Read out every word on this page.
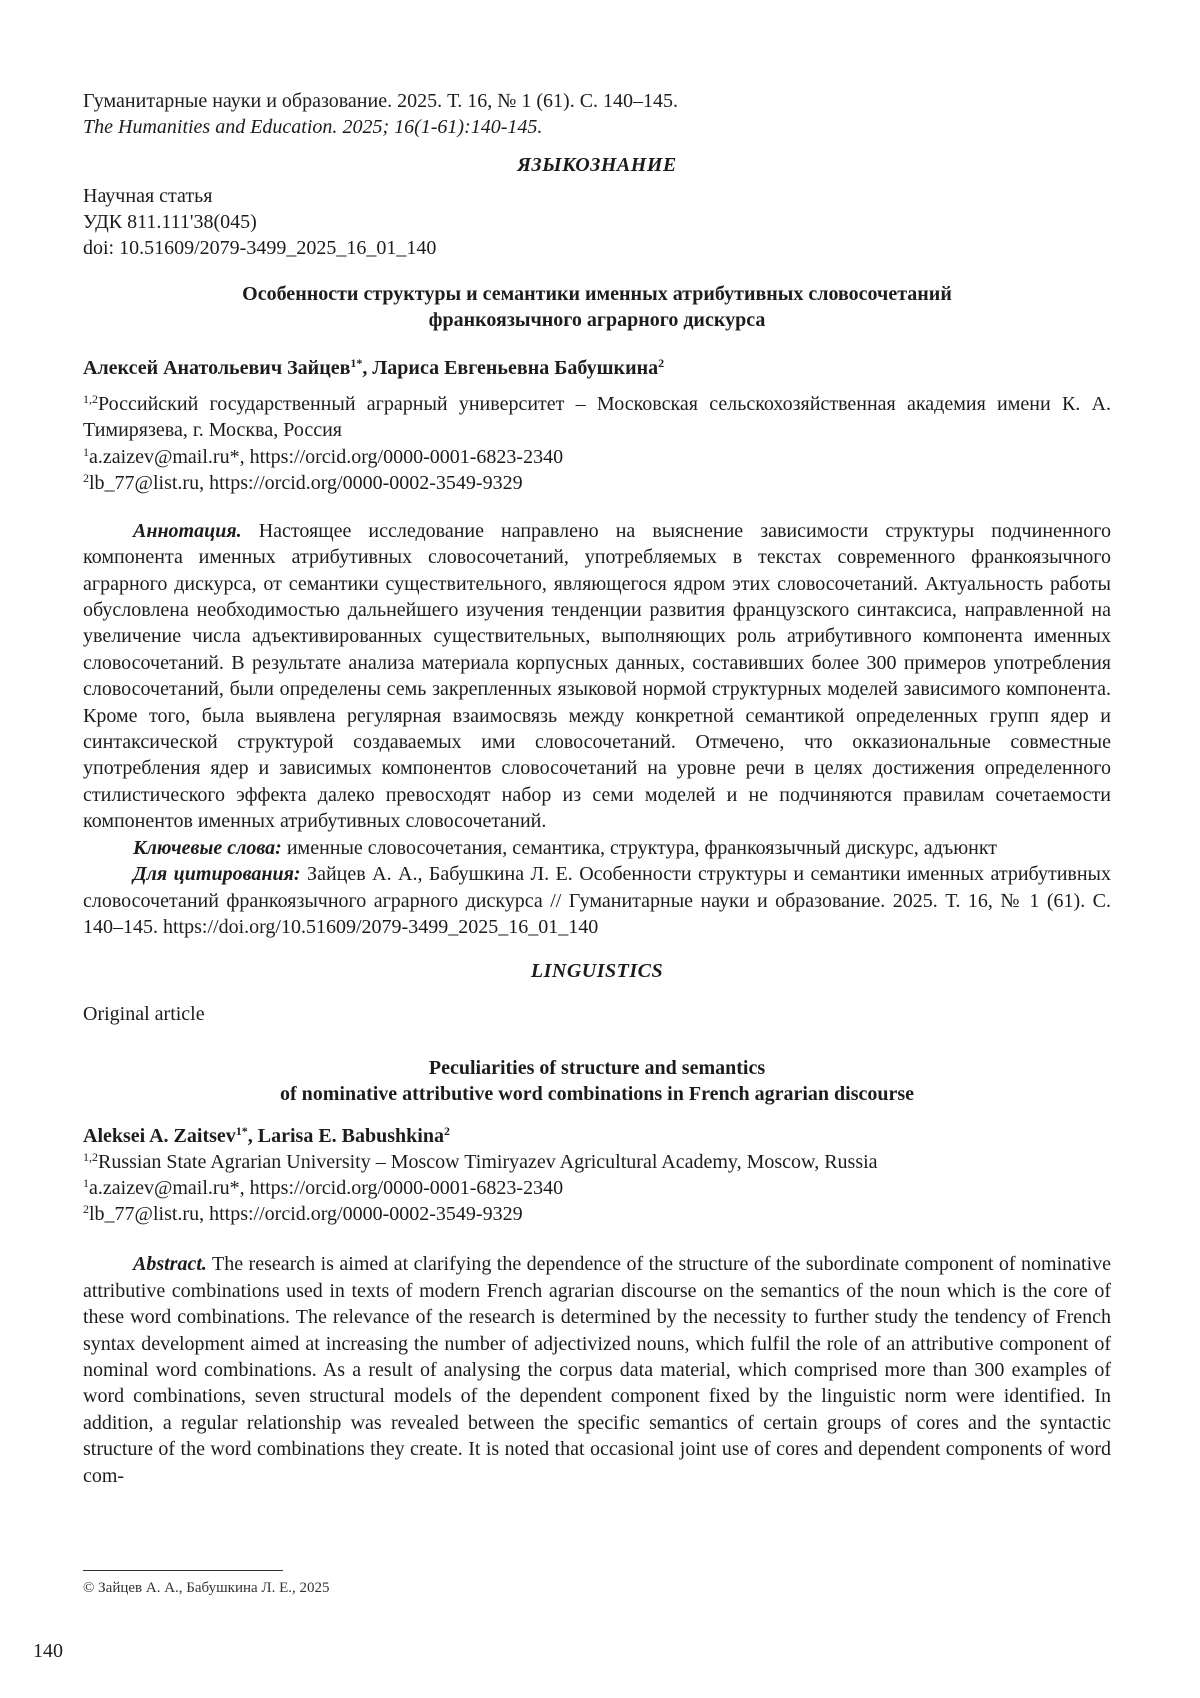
Гуманитарные науки и образование. 2025. Т. 16, № 1 (61). С. 140–145.
The Humanities and Education. 2025; 16(1-61):140-145.
ЯЗЫКОЗНАНИЕ
Научная статья
УДК 811.111'38(045)
doi: 10.51609/2079-3499_2025_16_01_140
Особенности структуры и семантики именных атрибутивных словосочетаний
франкоязычного аграрного дискурса
Алексей Анатольевич Зайцев$^{1*}$, Лариса Евгеньевна Бабушкина$^2$
$^{1,2}$Российский государственный аграрный университет – Московская сельскохозяйственная академия имени К. А. Тимирязева, г. Москва, Россия
$^1$a.zaizev@mail.ru*, https://orcid.org/0000-0001-6823-2340
$^2$lb_77@list.ru, https://orcid.org/0000-0002-3549-9329
Аннотация. Настоящее исследование направлено на выяснение зависимости структуры подчиненного компонента именных атрибутивных словосочетаний, употребляемых в текстах современного франкоязычного аграрного дискурса, от семантики существительного, являющегося ядром этих словосочетаний. Актуальность работы обусловлена необходимостью дальнейшего изучения тенденции развития французского синтаксиса, направленной на увеличение числа адъективированных существительных, выполняющих роль атрибутивного компонента именных словосочетаний. В результате анализа материала корпусных данных, составивших более 300 примеров употребления словосочетаний, были определены семь закрепленных языковой нормой структурных моделей зависимого компонента. Кроме того, была выявлена регулярная взаимосвязь между конкретной семантикой определенных групп ядер и синтаксической структурой создаваемых ими словосочетаний. Отмечено, что окказиональные совместные употребления ядер и зависимых компонентов словосочетаний на уровне речи в целях достижения определенного стилистического эффекта далеко превосходят набор из семи моделей и не подчиняются правилам сочетаемости компонентов именных атрибутивных словосочетаний.
Ключевые слова: именные словосочетания, семантика, структура, франкоязычный дискурс, адъюнкт
Для цитирования: Зайцев А. А., Бабушкина Л. Е. Особенности структуры и семантики именных атрибутивных словосочетаний франкоязычного аграрного дискурса // Гуманитарные науки и образование. 2025. Т. 16, № 1 (61). С. 140–145. https://doi.org/10.51609/2079-3499_2025_16_01_140
LINGUISTICS
Original article
Peculiarities of structure and semantics
of nominative attributive word combinations in French agrarian discourse
Aleksei A. Zaitsev$^{1*}$, Larisa E. Babushkina$^2$
$^{1,2}$Russian State Agrarian University – Moscow Timiryazev Agricultural Academy, Moscow, Russia
$^1$a.zaizev@mail.ru*, https://orcid.org/0000-0001-6823-2340
$^2$lb_77@list.ru, https://orcid.org/0000-0002-3549-9329
Abstract. The research is aimed at clarifying the dependence of the structure of the subordinate component of nominative attributive combinations used in texts of modern French agrarian discourse on the semantics of the noun which is the core of these word combinations. The relevance of the research is determined by the necessity to further study the tendency of French syntax development aimed at increasing the number of adjectivized nouns, which fulfil the role of an attributive component of nominal word combinations. As a result of analysing the corpus data material, which comprised more than 300 examples of word combinations, seven structural models of the dependent component fixed by the linguistic norm were identified. In addition, a regular relationship was revealed between the specific semantics of certain groups of cores and the syntactic structure of the word combinations they create. It is noted that occasional joint use of cores and dependent components of word com-
© Зайцев А. А., Бабушкина Л. Е., 2025
140
